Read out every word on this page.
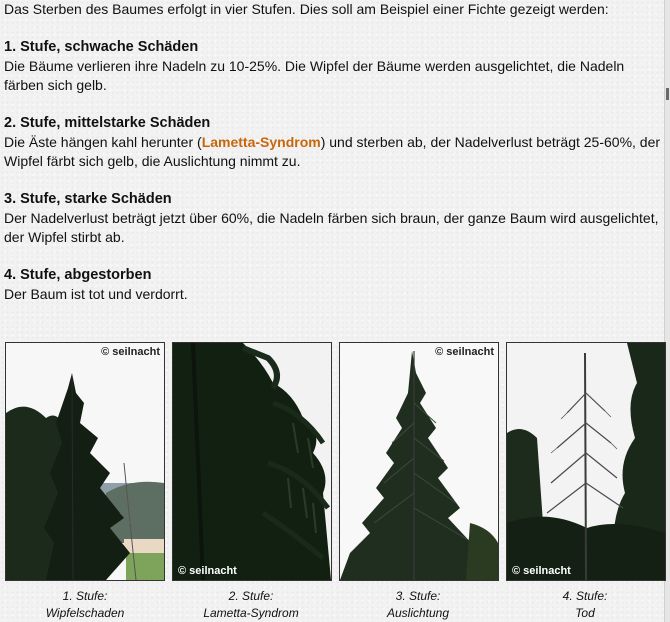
Das Sterben des Baumes erfolgt in vier Stufen. Dies soll am Beispiel einer Fichte gezeigt werden:

1. Stufe, schwache Schäden

Die Bäume verlieren ihre Nadeln zu 10-25%. Die Wipfel der Bäume werden ausgelichtet, die Nadeln färben sich gelb.

2. Stufe, mittelstarke Schäden

Die Äste hängen kahl herunter (Lametta-Syndrom) und sterben ab, der Nadelverlust beträgt 25-60%, der Wipfel färbt sich gelb, die Auslichtung nimmt zu.

3. Stufe, starke Schäden

Der Nadelverlust beträgt jetzt über 60%, die Nadeln färben sich braun, der ganze Baum wird ausgelichtet, der Wipfel stirbt ab.

4. Stufe, abgestorben

Der Baum ist tot und verdorrt.

© seilnacht
© seilnacht
© seilnacht
© seilnacht
1. Stufe:
Wipfelschaden
2. Stufe:
Lametta-Syndrom
3. Stufe:
Auslichtung
4. Stufe:
Tod
